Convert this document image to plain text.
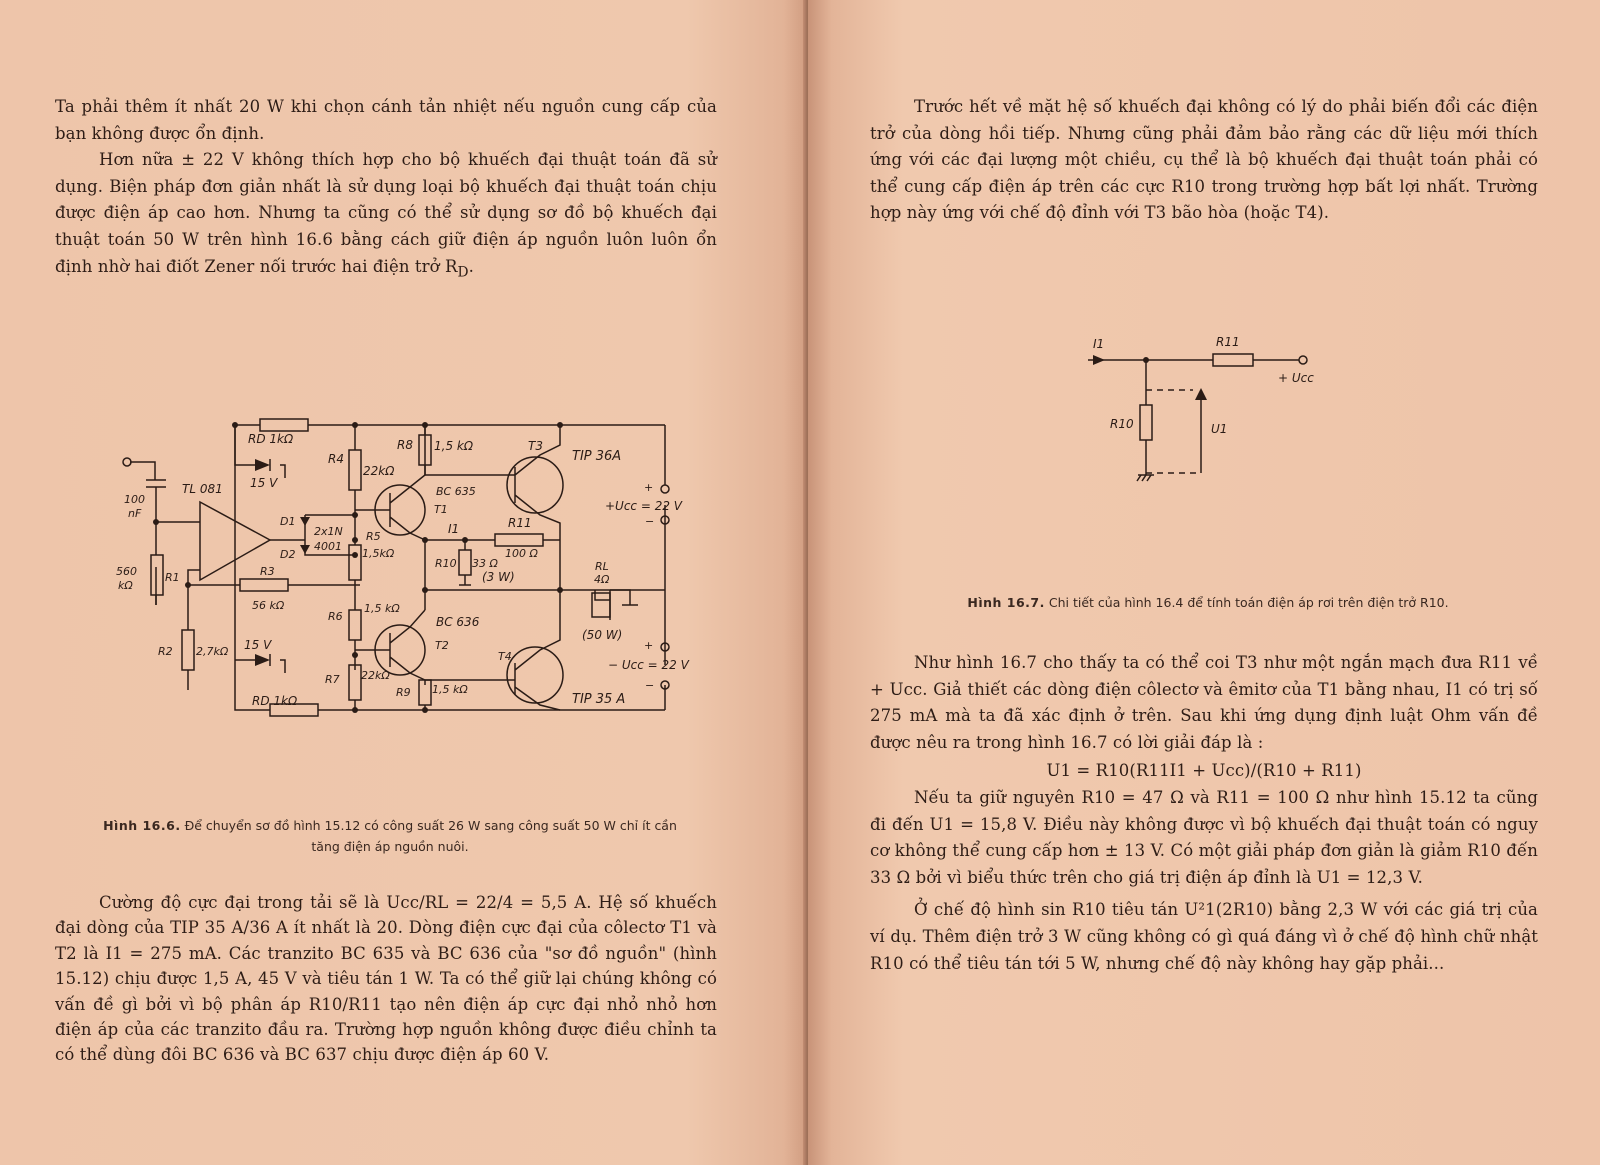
Ta phải thêm ít nhất 20 W khi chọn cánh tản nhiệt nếu nguồn cung cấp của bạn không được ổn định.

Hơn nữa ± 22 V không thích hợp cho bộ khuếch đại thuật toán đã sử dụng. Biện pháp đơn giản nhất là sử dụng loại bộ khuếch đại thuật toán chịu được điện áp cao hơn. Nhưng ta cũng có thể sử dụng sơ đồ bộ khuếch đại thuật toán 50 W trên hình 16.6 bằng cách giữ điện áp nguồn luôn luôn ổn định nhờ hai điốt Zener nối trước hai điện trở $R_D$.

RD 1kΩ
15 V
R4
22kΩ
R8 1,5 kΩ	T3
TIP 36A
100
nF
TL 081	BC 635
T1
D1
D2
2x1N
4001
R5
1,5kΩ
I1	R11
100 Ω
+Ucc = 22 V
+
−
R10 33 Ω
(3 W)
RL
4Ω
(50 W)
560
kΩ
R1	R3
56 kΩ
R6
1,5 kΩ
BC 636
T2
R2 2,7kΩ 15 V
T4
− Ucc = 22 V
+
−
R7 22kΩ
R9 1,5 kΩ
TIP 35 A
RD 1kΩ
Hình 16.6. Để chuyển sơ đồ hình 15.12 có công suất 26 W sang công suất 50 W chỉ ít cần tăng điện áp nguồn nuôi.

Cường độ cực đại trong tải sẽ là Ucc/RL = 22/4 = 5,5 A. Hệ số khuếch đại dòng của TIP 35 A/36 A ít nhất là 20. Dòng điện cực đại của côlectơ T1 và T2 là I1 = 275 mA. Các tranzito BC 635 và BC 636 của "sơ đồ nguồn" (hình 15.12) chịu được 1,5 A, 45 V và tiêu tán 1 W. Ta có thể giữ lại chúng không có vấn đề gì bởi vì bộ phân áp R10/R11 tạo nên điện áp cực đại nhỏ nhỏ hơn điện áp của các tranzito đầu ra. Trường hợp nguồn không được điều chỉnh ta có thể dùng đôi BC 636 và BC 637 chịu được điện áp 60 V.

Trước hết về mặt hệ số khuếch đại không có lý do phải biến đổi các điện trở của dòng hồi tiếp. Nhưng cũng phải đảm bảo rằng các dữ liệu mới thích ứng với các đại lượng một chiều, cụ thể là bộ khuếch đại thuật toán phải có thể cung cấp điện áp trên các cực R10 trong trường hợp bất lợi nhất. Trường hợp này ứng với chế độ đỉnh với T3 bão hòa (hoặc T4).

I1	R11
+ Ucc
R10	U1
Hình 16.7. Chi tiết của hình 16.4 để tính toán điện áp rơi trên điện trở R10.

Như hình 16.7 cho thấy ta có thể coi T3 như một ngắn mạch đưa R11 về + Ucc. Giả thiết các dòng điện côlectơ và êmitơ của T1 bằng nhau, I1 có trị số 275 mA mà ta đã xác định ở trên. Sau khi ứng dụng định luật Ohm vấn đề được nêu ra trong hình 16.7 có lời giải đáp là :

U1 = R10(R11I1 + Ucc)/(R10 + R11)

Nếu ta giữ nguyên R10 = 47 Ω và R11 = 100 Ω như hình 15.12 ta cũng đi đến U1 = 15,8 V. Điều này không được vì bộ khuếch đại thuật toán có nguy cơ không thể cung cấp hơn ± 13 V. Có một giải pháp đơn giản là giảm R10 đến 33 Ω bởi vì biểu thức trên cho giá trị điện áp đỉnh là U1 = 12,3 V.

Ở chế độ hình sin R10 tiêu tán U²1(2R10) bằng 2,3 W với các giá trị của ví dụ. Thêm điện trở 3 W cũng không có gì quá đáng vì ở chế độ hình chữ nhật R10 có thể tiêu tán tới 5 W, nhưng chế độ này không hay gặp phải...
